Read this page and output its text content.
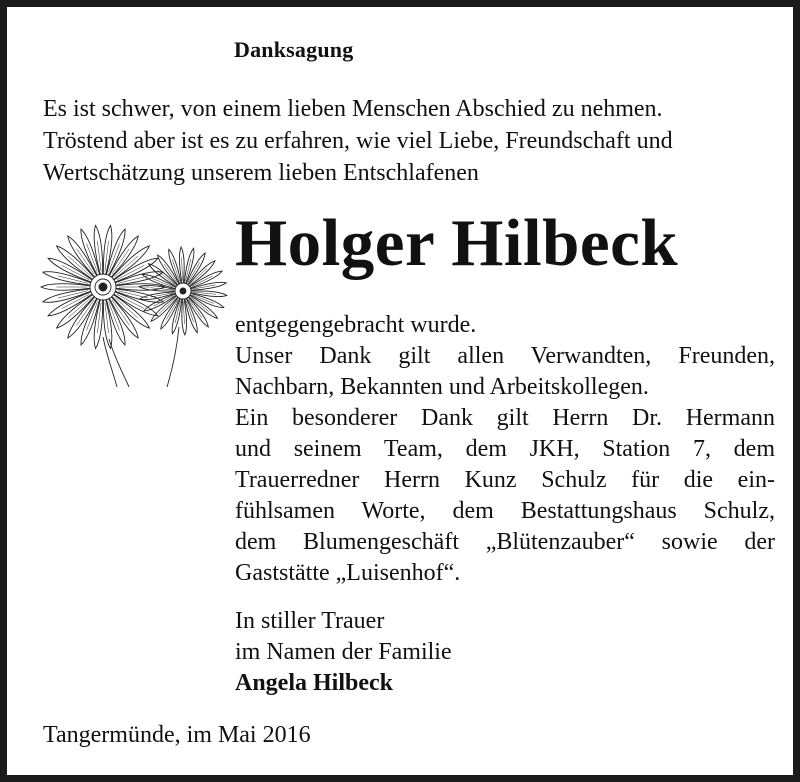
Danksagung
Es ist schwer, von einem lieben Menschen Abschied zu nehmen.
Tröstend aber ist es zu erfahren, wie viel Liebe, Freundschaft und
Wertschätzung unserem lieben Entschlafenen
Holger Hilbeck
entgegengebracht wurde.
Unser Dank gilt allen Verwandten, Freunden,
Nachbarn, Bekannten und Arbeitskollegen.
Ein besonderer Dank gilt Herrn Dr. Hermann
und seinem Team, dem JKH, Station 7, dem
Trauerredner Herrn Kunz Schulz für die ein-
fühlsamen Worte, dem Bestattungshaus Schulz,
dem Blumengeschäft „Blütenzauber“ sowie der
Gaststätte „Luisenhof“.
In stiller Trauer
im Namen der Familie
Angela Hilbeck
Tangermünde, im Mai 2016
